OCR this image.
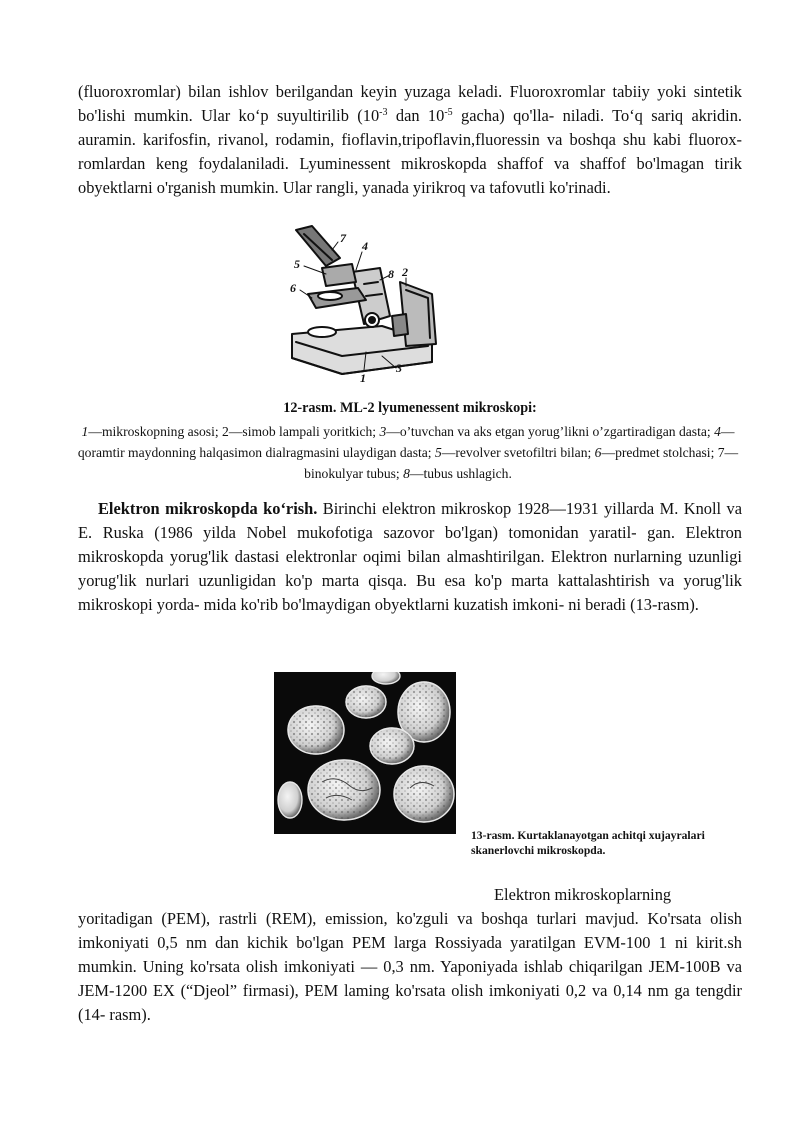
(fluoroxromlar) bilan ishlov berilgandan keyin yuzaga keladi. Fluoroxromlar tabiiy yoki sintetik bo'lishi mumkin. Ular ko‘p suyultirilib ($10^{-3}$ dan $10^{-5}$ gacha) qo'lla- niladi. To‘q sariq akridin. auramin. karifosfin, rivanol, rodamin, fioflavin,tripoflavin,fluoressin va boshqa shu kabi fluorox- romlardan keng foydalaniladi. Lyuminessent mikroskopda shaffof va shaffof bo'lmagan tirik obyektlarni o'rganish mumkin. Ular rangli, yanada yirikroq va tafovutli ko'rinadi.

7
4
5
6
8 2
1
3

12-rasm. ML-2 lyumenessent mikroskopi:

1—mikroskopning asosi; 2—simob lampali yoritkich; 3—o’tuvchan va aks etgan yorug’likni o’zgartiradigan dasta; 4—qoramtir maydonning halqasimon dialragmasini ulaydigan dasta; 5—revolver svetofiltri bilan; 6—predmet stolchasi; 7—binokulyar tubus; 8—tubus ushlagich.

Elektron mikroskopda ko‘rish. Birinchi elektron mikroskop 1928—1931 yillarda M. Knoll va E. Ruska (1986 yilda Nobel mukofotiga sazovor bo'lgan) tomonidan yaratil- gan. Elektron mikroskopda yorug'lik dastasi elektronlar oqimi bilan almashtirilgan. Elektron nurlarning uzunligi yorug'lik nurlari uzunligidan ko'p marta qisqa. Bu esa ko'p marta kattalashtirish va yorug'lik mikroskopi yorda- mida ko'rib bo'lmaydigan obyektlarni kuzatish imkoni- ni beradi (13-rasm).

13-rasm. Kurtaklanayotgan achitqi xujayralari
skanerlovchi mikroskopda.

Elektron mikroskoplarning
yoritadigan (PEM), rastrli (REM), emission, ko'zguli va boshqa turlari mavjud. Ko'rsata olish imkoniyati 0,5 nm dan kichik bo'lgan PEM larga Rossiyada yaratilgan EVM-100 1 ni kirit.sh mumkin. Uning ko'rsata olish imkoniyati — 0,3 nm. Yaponiyada ishlab chiqarilgan JEM-100B va JEM-1200 EX (“Djeol” firmasi), PEM laming ko'rsata olish imkoniyati 0,2 va 0,14 nm ga tengdir (14- rasm).
